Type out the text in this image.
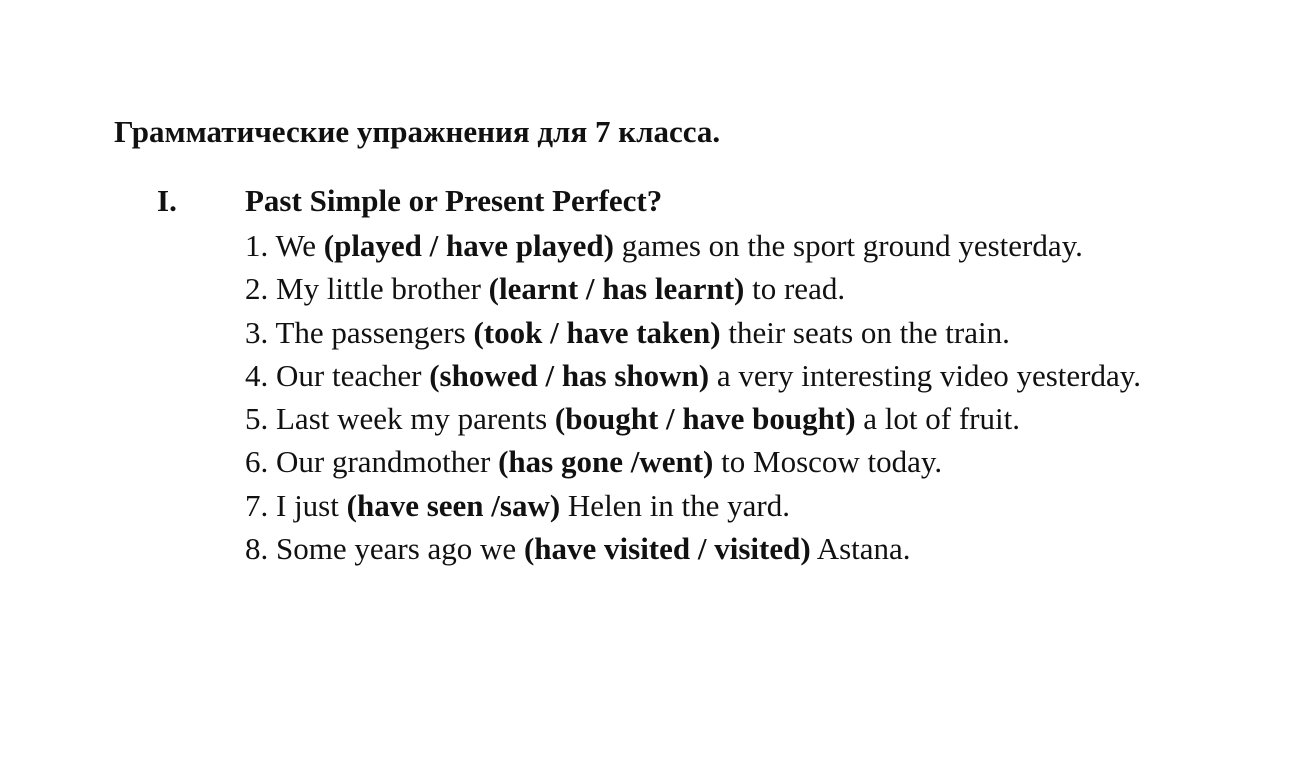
Грамматические упражнения для 7 класса.
I. Past Simple or Present Perfect?
1. We (played / have played) games on the sport ground yesterday.
2. My little brother (learnt / has learnt) to read.
3. The passengers (took / have taken) their seats on the train.
4. Our teacher (showed / has shown) a very interesting video yesterday.
5. Last week my parents (bought / have bought) a lot of fruit.
6. Our grandmother (has gone /went) to Moscow today.
7. I just (have seen /saw) Helen in the yard.
8. Some years ago we (have visited / visited) Astana.
